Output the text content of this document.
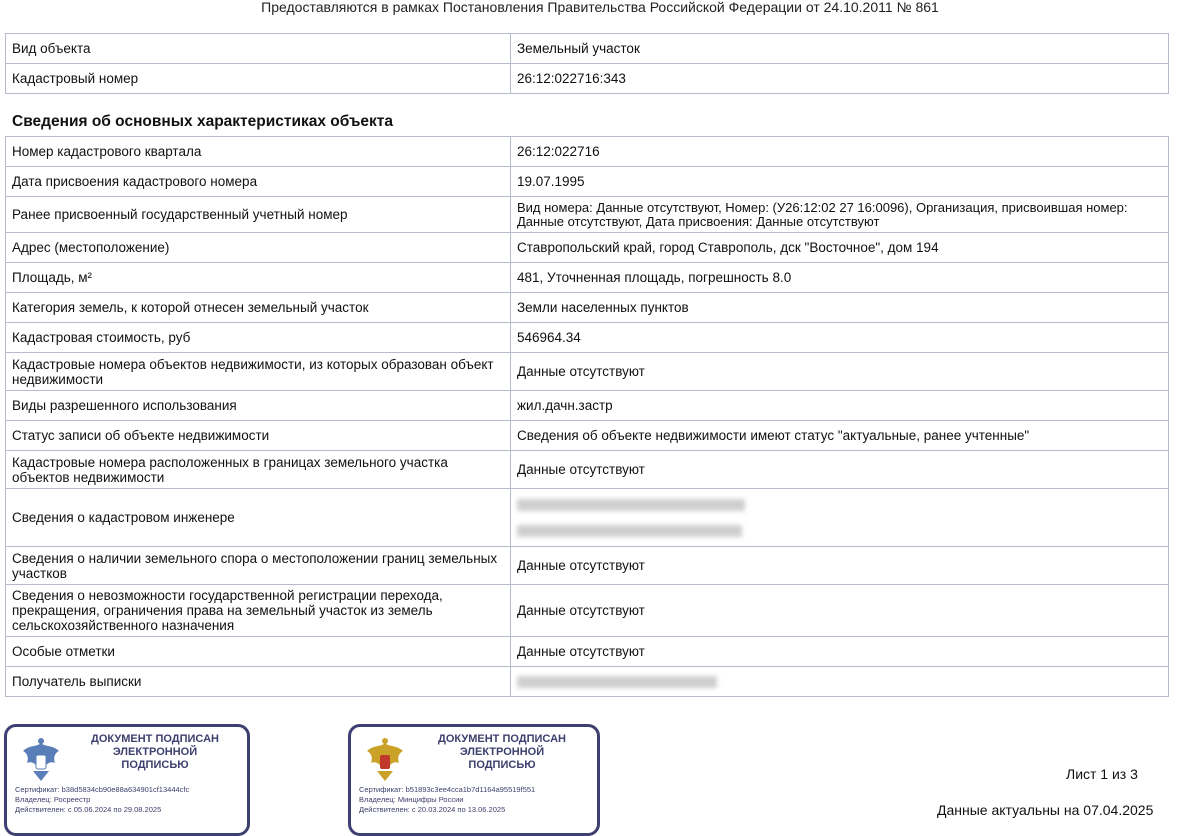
Предоставляются в рамках Постановления Правительства Российской Федерации от 24.10.2011 № 861
Вид объекта	Земельный участок
Кадастровый номер	26:12:022716:343
Сведения об основных характеристиках объекта
Номер кадастрового квартала	26:12:022716
Дата присвоения кадастрового номера	19.07.1995
Ранее присвоенный государственный учетный номер	Вид номера: Данные отсутствуют, Номер: (У26:12:02 27 16:0096), Организация, присвоившая номер: Данные отсутствуют, Дата присвоения: Данные отсутствуют
Адрес (местоположение)	Ставропольский край, город Ставрополь, дск "Восточное", дом 194
Площадь, м²	481, Уточненная площадь, погрешность 8.0
Категория земель, к которой отнесен земельный участок	Земли населенных пунктов
Кадастровая стоимость, руб	546964.34
Кадастровые номера объектов недвижимости, из которых образован объект недвижимости	Данные отсутствуют
Виды разрешенного использования	жил.дачн.застр
Статус записи об объекте недвижимости	Сведения об объекте недвижимости имеют статус "актуальные, ранее учтенные"
Кадастровые номера расположенных в границах земельного участка объектов недвижимости	Данные отсутствуют
Сведения о кадастровом инженере	

Сведения о наличии земельного спора о местоположении границ земельных участков	Данные отсутствуют
Сведения о невозможности государственной регистрации перехода, прекращения, ограничения права на земельный участок из земель сельскохозяйственного назначения	Данные отсутствуют
Особые отметки	Данные отсутствуют
Получатель выписки	
ДОКУМЕНТ ПОДПИСАН
ЭЛЕКТРОННОЙ
ПОДПИСЬЮ
Сертификат: b38d5834cb90e88a634901cf13444cfc
Владелец: Росреестр
Действителен: с 05.06.2024 по 29.08.2025
ДОКУМЕНТ ПОДПИСАН
ЭЛЕКТРОННОЙ
ПОДПИСЬЮ
Сертификат: b51893c3ee4cca1b7d1164a95519f551
Владелец: Минцифры России
Действителен: с 20.03.2024 по 13.06.2025
Лист 1 из 3
Данные актуальны на 07.04.2025
